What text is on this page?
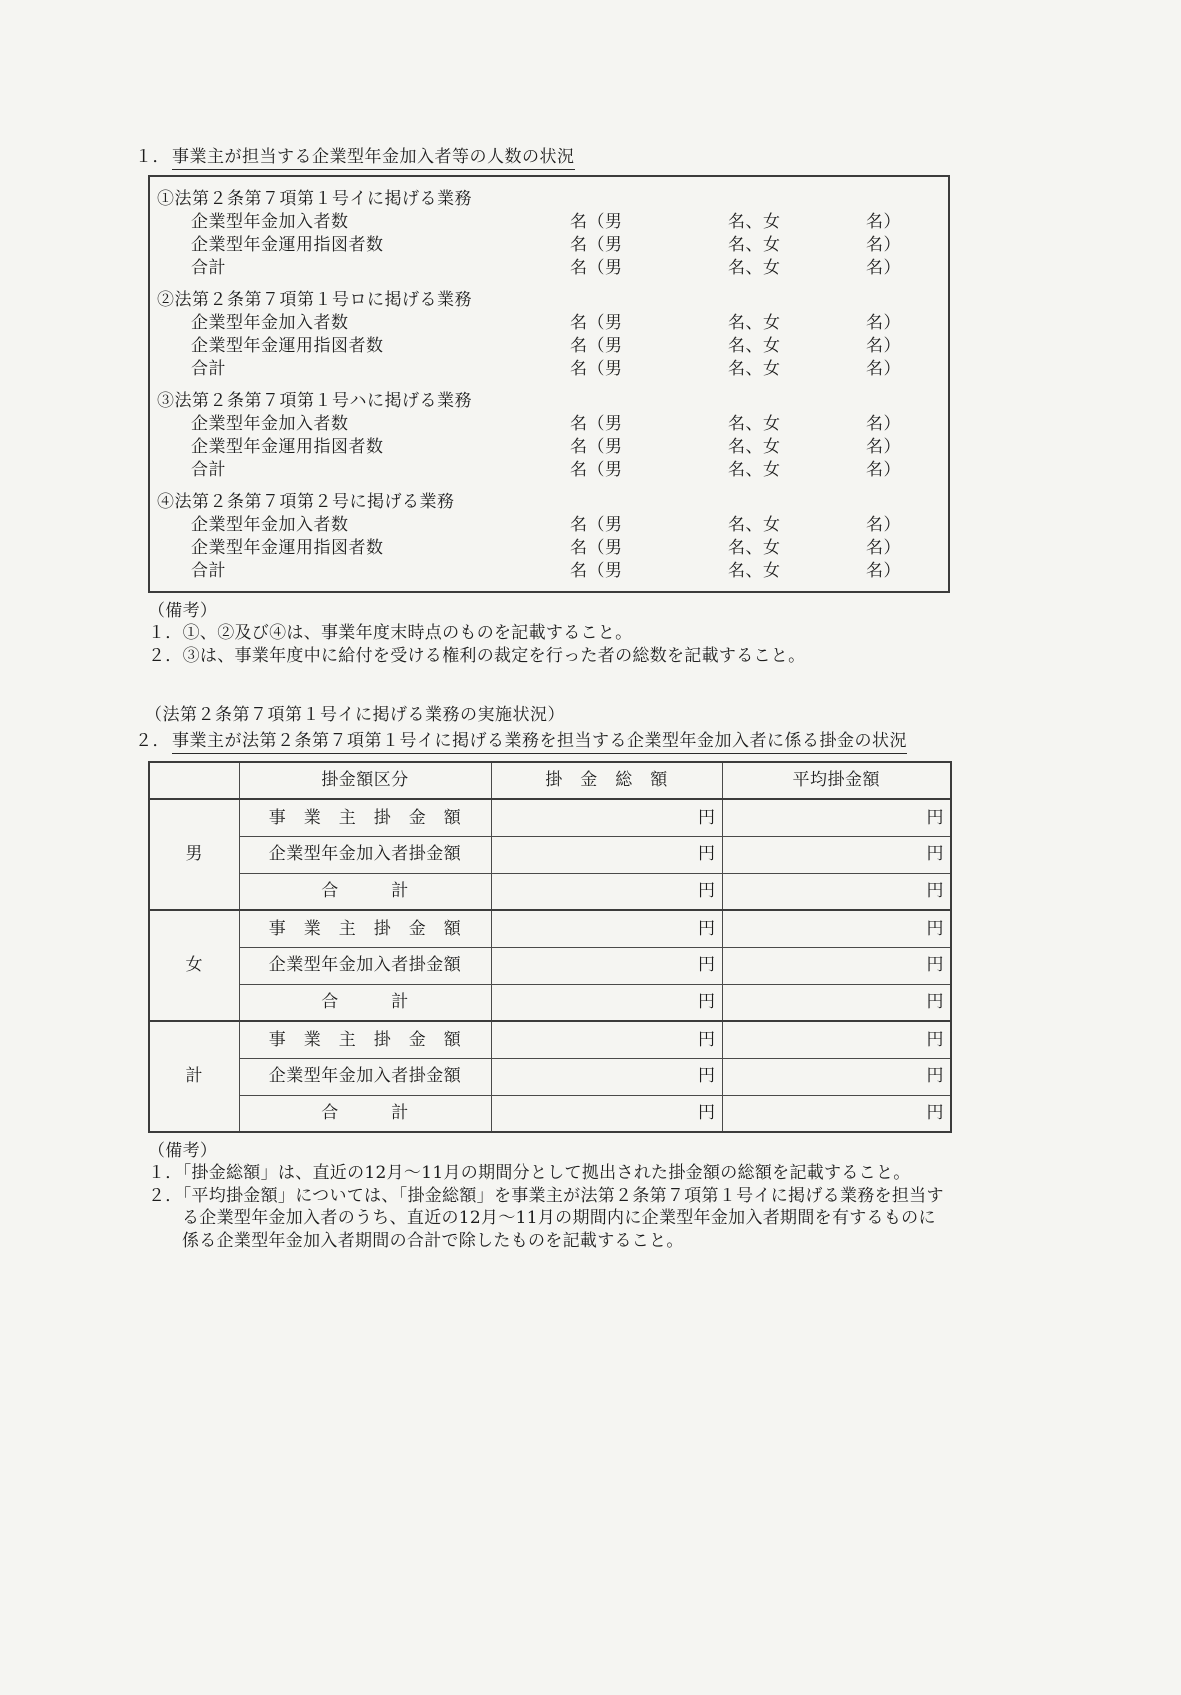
１． 事業主が担当する企業型年金加入者等の人数の状況
①法第２条第７項第１号イに掲げる業務
企業型年金加入者数	名（男	名、女	名）
企業型年金運用指図者数	名（男	名、女	名）
合計	名（男	名、女	名）
②法第２条第７項第１号ロに掲げる業務
企業型年金加入者数	名（男	名、女	名）
企業型年金運用指図者数	名（男	名、女	名）
合計	名（男	名、女	名）
③法第２条第７項第１号ハに掲げる業務
企業型年金加入者数	名（男	名、女	名）
企業型年金運用指図者数	名（男	名、女	名）
合計	名（男	名、女	名）
④法第２条第７項第２号に掲げる業務
企業型年金加入者数	名（男	名、女	名）
企業型年金運用指図者数	名（男	名、女	名）
合計	名（男	名、女	名）
（備考）
１．①、②及び④は、事業年度末時点のものを記載すること。
２．③は、事業年度中に給付を受ける権利の裁定を行った者の総数を記載すること。
（法第２条第７項第１号イに掲げる業務の実施状況）
２． 事業主が法第２条第７項第１号イに掲げる業務を担当する企業型年金加入者に係る掛金の状況
	掛金額区分	掛　金　総　額	平均掛金額
男	事　業　主　掛　金　額	円	円
	企業型年金加入者掛金額	円	円
	合　　　計	円	円
女	事　業　主　掛　金　額	円	円
	企業型年金加入者掛金額	円	円
	合　　　計	円	円
計	事　業　主　掛　金　額	円	円
	企業型年金加入者掛金額	円	円
	合　　　計	円	円
（備考）
１．「掛金総額」は、直近の12月～11月の期間分として拠出された掛金額の総額を記載すること。
２．「平均掛金額」については、「掛金総額」を事業主が法第２条第７項第１号イに掲げる業務を担当する企業型年金加入者のうち、直近の12月～11月の期間内に企業型年金加入者期間を有するものに係る企業型年金加入者期間の合計で除したものを記載すること。
